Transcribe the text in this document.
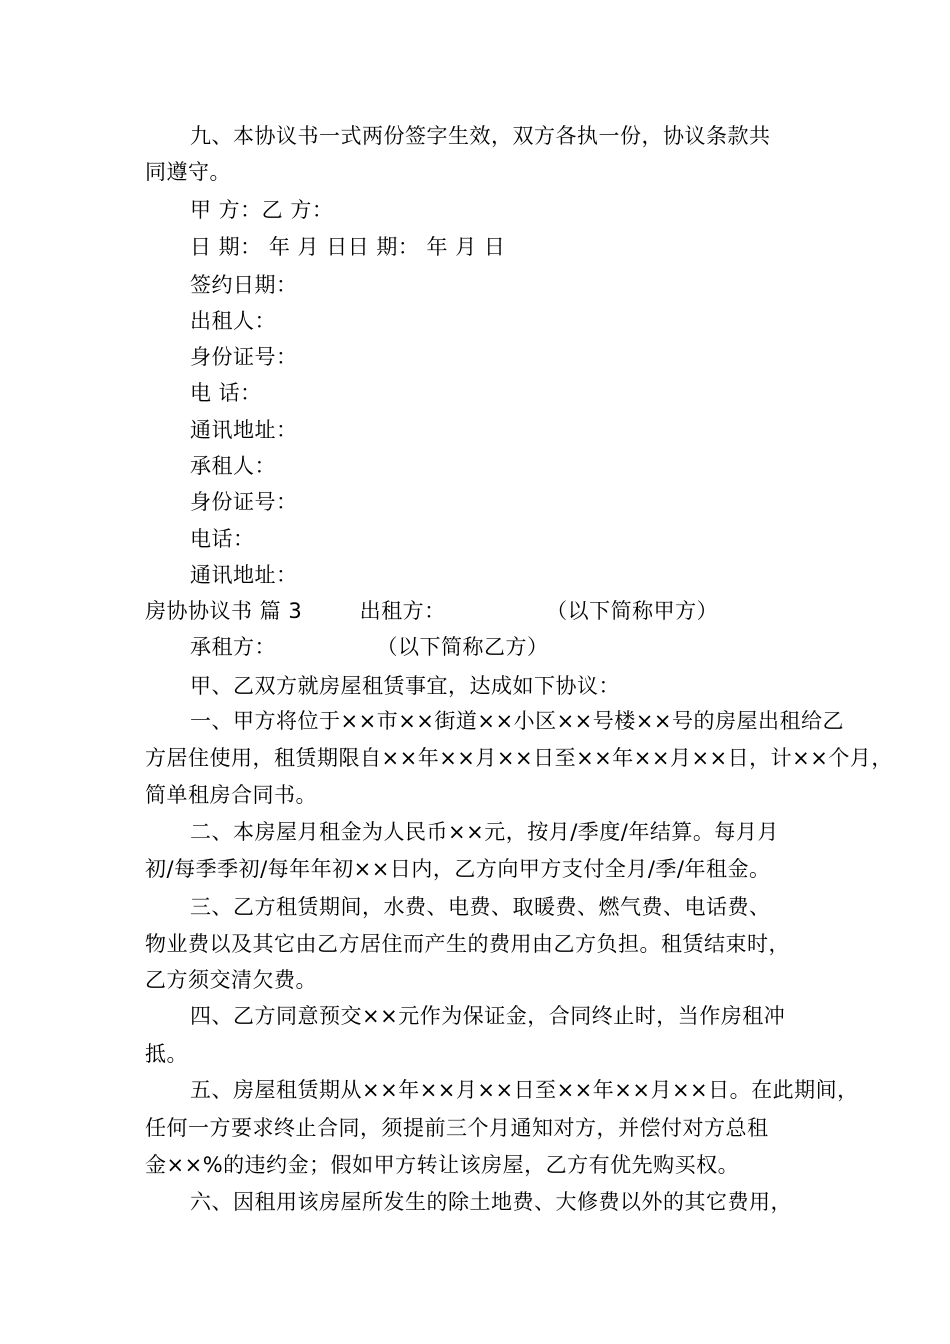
九、本协议书一式两份签字生效，双方各执一份，协议条款共
同遵守。
甲 方：乙 方：
日 期： 年 月 日日 期： 年 月 日
签约日期：
出租人：
身份证号：
电 话：
通讯地址：
承租人：
身份证号：
电话：
通讯地址：
房协协议书 篇 3        出租方：              （以下简称甲方）
承租方：              （以下简称乙方）
甲、乙双方就房屋租赁事宜，达成如下协议：
一、甲方将位于××市××街道××小区××号楼××号的房屋出租给乙
方居住使用，租赁期限自××年××月××日至××年××月××日，计××个月，
简单租房合同书。
二、本房屋月租金为人民币××元，按月/季度/年结算。每月月
初/每季季初/每年年初××日内，乙方向甲方支付全月/季/年租金。
三、乙方租赁期间，水费、电费、取暖费、燃气费、电话费、
物业费以及其它由乙方居住而产生的费用由乙方负担。租赁结束时，
乙方须交清欠费。
四、乙方同意预交××元作为保证金，合同终止时，当作房租冲
抵。
五、房屋租赁期从××年××月××日至××年××月××日。在此期间，
任何一方要求终止合同，须提前三个月通知对方，并偿付对方总租
金××%的违约金；假如甲方转让该房屋，乙方有优先购买权。
六、因租用该房屋所发生的除土地费、大修费以外的其它费用，
